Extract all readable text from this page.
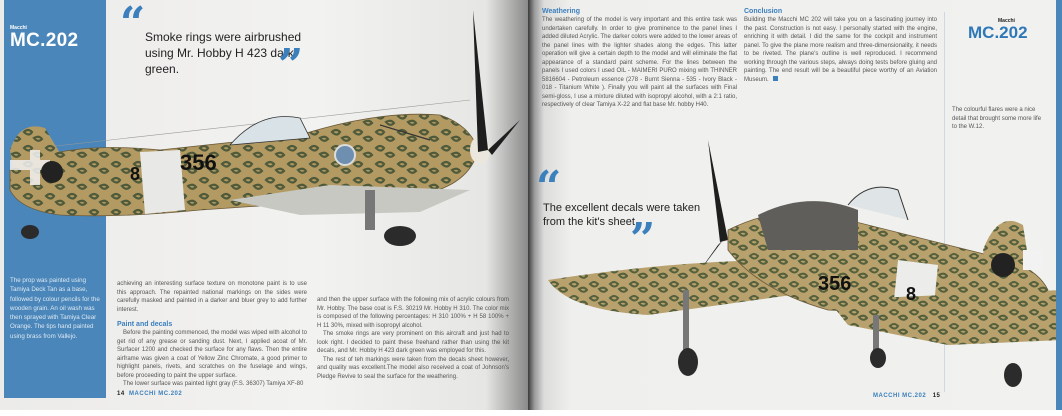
Macchi
MC.202
356
8
“ Smoke rings were airbrushed using Mr. Hobby H 423 dark green.	”
The prop was painted using Tamiya Deck Tan as a base, followed by colour pencils for the wooden grain. An oil wash was then sprayed with Tamiya Clear Orange. The tips hand painted using brass from Vallejo.
achieving an interesting surface texture on monotone paint is to use this approach. The repainted national markings on the sides were carefully masked and painted in a darker and bluer grey to add further interest.
Paint and decals
Before the painting commenced, the model was wiped with alcohol to get rid of any grease or sanding dust. Next, I applied acoat of Mr. Surfacer 1200 and checked the surface for any flaws. Then the entire airframe was given a coat of Yellow Zinc Chromate, a good primer to highlight panels, rivets, and scratches on the fuselage and wings, before proceeding to paint the upper surface.
The lower surface was painted light gray (F.S. 36307) Tamiya XF-80
and then the upper surface with the following mix of acrylic colours from Mr. Hobby. The base coat is F.S. 30219 Mr. Hobby H 310. The color mix is composed of the following percentages: H 310 100% + H 58 100% + H 11 30%, mixed with isopropyl alcohol.
The smoke rings are very prominent on this aircraft and just had to look right. I decided to paint these freehand rather than using the kit decals, and Mr. Hobby H 423 dark green was employed for this.
The rest of teh markings were taken from the decals sheet however, and quality was excellent.The model also received a coat of Johnson's Pledge Revive to seal the surface for the weathering.
14 MACCHI MC.202
Weathering
The weathering of the model is very important and this entire task was undertaken carefully. In order to give prominence to the panel lines I added diluted Acrylic. The darker colors were added to the lower areas of the panel lines with the lighter shades along the edges. This latter operation will give a certain depth to the model and will eliminate the flat appearance of a standard paint scheme. For the lines between the panels I used colors I used OIL - MAIMERI PURO mixing with THINNER 5816604 - Petroleum essence (278 - Burnt Sienna - 535 - Ivory Black - 018 - Titanium White ). Finally you will paint all the surfaces with Final semi-gloss, I use a mixture diluted with isopropyl alcohol, with a 2:1 ratio, respectively of clear Tamiya X-22 and flat base Mr. hobby H40.
Conclusion
Building the Macchi MC 202 will take you on a fascinating journey into the past. Construction is not easy. I personally started with the engine, enriching it with detail. I did the same for the cockpit and instrument panel. To give the plane more realism and three-dimensionality, it needs to be riveted. The plane's outline is well reproduced. I recommend working through the various steps, always doing tests before gluing and painting. The end result will be a beautiful piece worthy of an Aviation Museum.
Macchi
MC.202
The colourful flares were a nice detail that brought some more life to the W.12.
“
The excellent decals were taken from the kit's sheet.
”
356	8
MACCHI MC.202 15
